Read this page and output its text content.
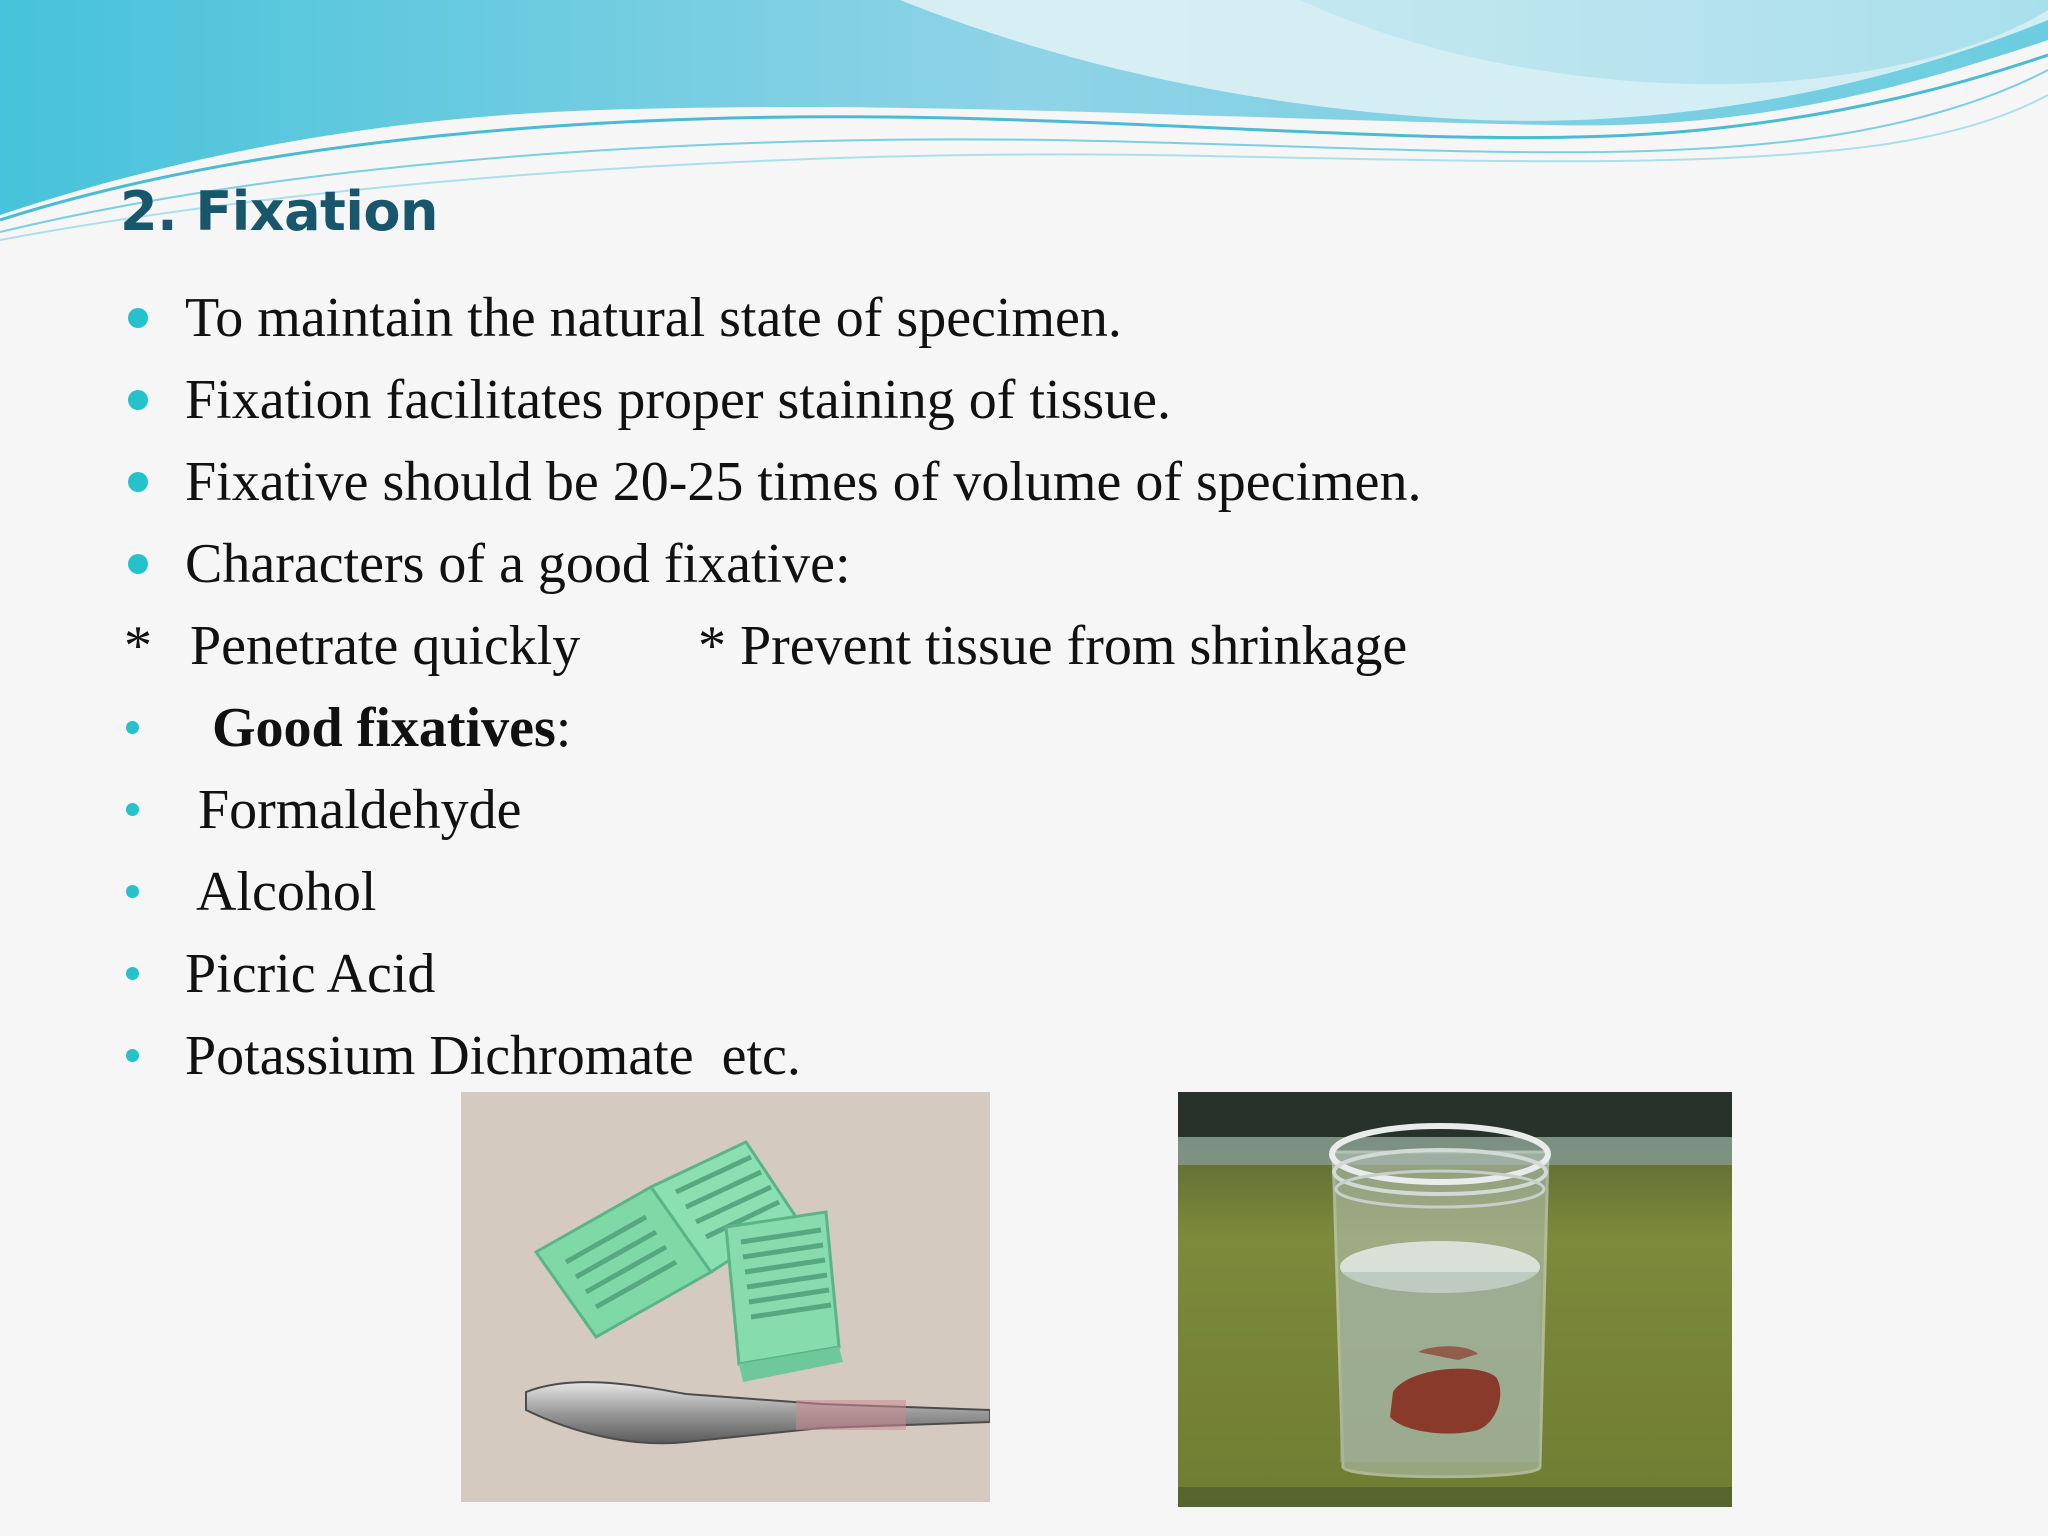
2. Fixation
To maintain the natural state of specimen.
Fixation facilitates proper staining of tissue.
Fixative should be 20-25 times of volume of specimen.
Characters of a good fixative:
* Penetrate quickly * Prevent tissue from shrinkage
Good fixatives:
Formaldehyde
Alcohol
Picric Acid
Potassium Dichromate  etc.
